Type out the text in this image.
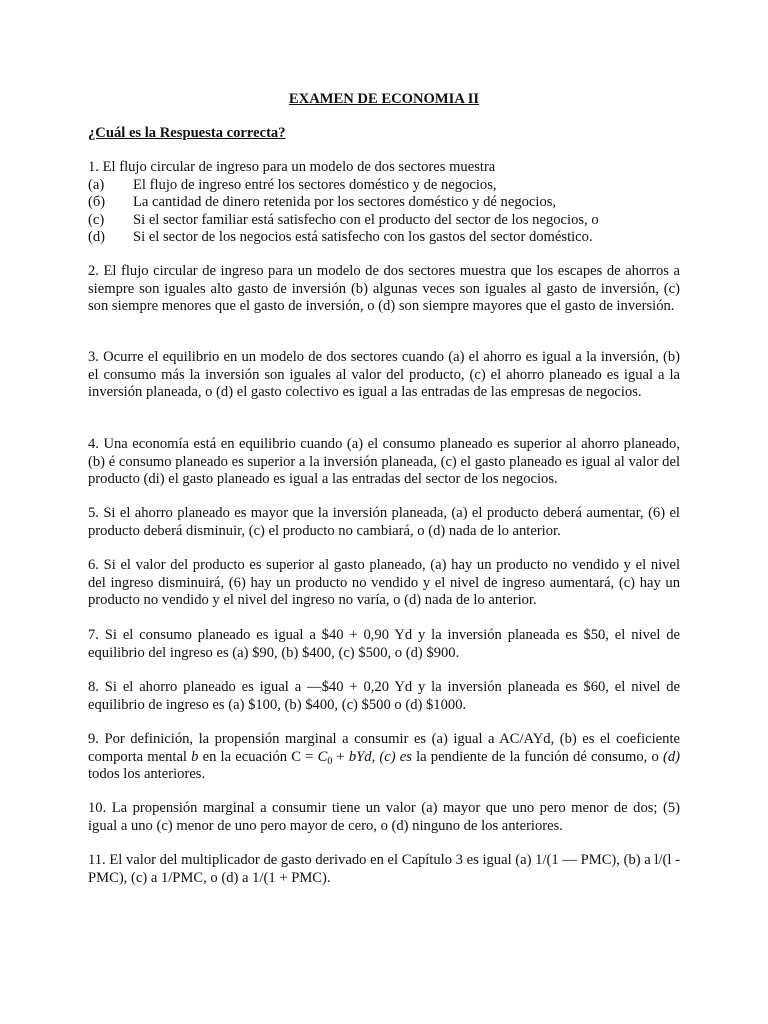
EXAMEN DE ECONOMIA II
¿Cuál es la Respuesta correcta?
1. El flujo circular de ingreso para un modelo de dos sectores muestra
(a) El flujo de ingreso entré los sectores doméstico y de negocios,
(б) La cantidad de dinero retenida por los sectores doméstico y dé negocios,
(c) Si el sector familiar está satisfecho con el producto del sector de los negocios, o
(d) Si el sector de los negocios está satisfecho con los gastos del sector doméstico.
2. El flujo circular de ingreso para un modelo de dos sectores muestra que los escapes de ahorros a siempre son iguales alto gasto de inversión (b) algunas veces son iguales al gasto de inversión, (c) son siempre menores que el gasto de inversión, o (d) son siempre mayores que el gasto de inversión.
3. Ocurre el equilibrio en un modelo de dos sectores cuando (a) el ahorro es igual a la inversión, (b) el consumo más la inversión son iguales al valor del producto, (c) el ahorro planeado es igual a la inversión planeada, o (d) el gasto colectivo es igual a las entradas de las empresas de negocios.
4. Una economía está en equilibrio cuando (a) el consumo planeado es superior al ahorro planeado, (b) é consumo planeado es superior a la inversión planeada, (c) el gasto planeado es igual al valor del producto (di) el gasto planeado es igual a las entradas del sector de los negocios.
5. Si el ahorro planeado es mayor que la inversión planeada, (a) el producto deberá aumentar, (6) el producto deberá disminuir, (c) el producto no cambiará, o (d) nada de lo anterior.
6. Si el valor del producto es superior al gasto planeado, (a) hay un producto no vendido y el nivel del ingreso disminuirá, (6) hay un producto no vendido y el nivel de ingreso aumentará, (c) hay un producto no vendido y el nivel del ingreso no varía, o (d) nada de lo anterior.
7. Si el consumo planeado es igual a $40 + 0,90 Yd y la inversión planeada es $50, el nivel de equilibrio del ingreso es (a) $90, (b) $400, (c) $500, o (d) $900.
8. Si el ahorro planeado es igual a —$40 + 0,20 Yd y la inversión planeada es $60, el nivel de equilibrio de ingreso es (a) $100, (b) $400, (c) $500 o (d) $1000.
9. Por definición, la propensión marginal a consumir es (a) igual a AC/AYd, (b) es el coeficiente comporta mental b en la ecuación $C = C_0$ + bYd, (c) es la pendiente de la función dé consumo, o (d) todos los anteriores.
10. La propensión marginal a consumir tiene un valor (a) mayor que uno pero menor de dos; (5) igual a uno (c) menor de uno pero mayor de cero, o (d) ninguno de los anteriores.
11. El valor del multiplicador de gasto derivado en el Capítulo 3 es igual (a) 1/(1 — PMC), (b) a l/(l -PMC), (c) a 1/PMC, o (d) a 1/(1 + PMC).
